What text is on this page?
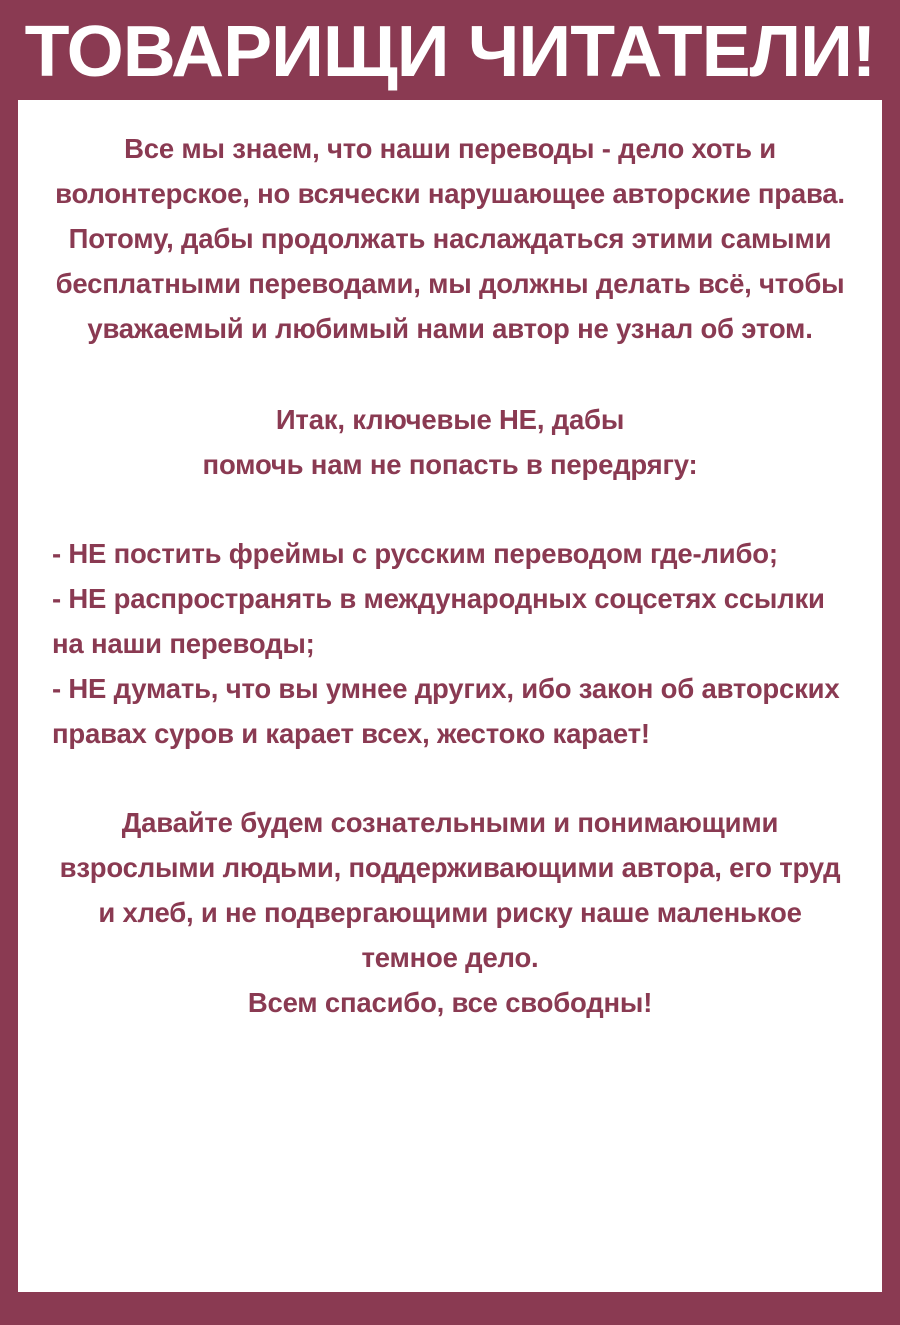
ТОВАРИЩИ ЧИТАТЕЛИ!

Все мы знаем, что наши переводы - дело хоть и волонтерское, но всячески нарушающее авторские права. Потому, дабы продолжать наслаждаться этими самыми бесплатными переводами, мы должны делать всё, чтобы уважаемый и любимый нами автор не узнал об этом.

Итак, ключевые НЕ, дабы

помочь нам не попасть в передрягу:

- НЕ постить фреймы с русским переводом где-либо;

- НЕ распространять в международных соцсетях ссылки на наши переводы;

- НЕ думать, что вы умнее других, ибо закон об авторских правах суров и карает всех, жестоко карает!

Давайте будем сознательными и понимающими взрослыми людьми, поддерживающими автора, его труд и хлеб, и не подвергающими риску наше маленькое темное дело.

Всем спасибо, все свободны!
